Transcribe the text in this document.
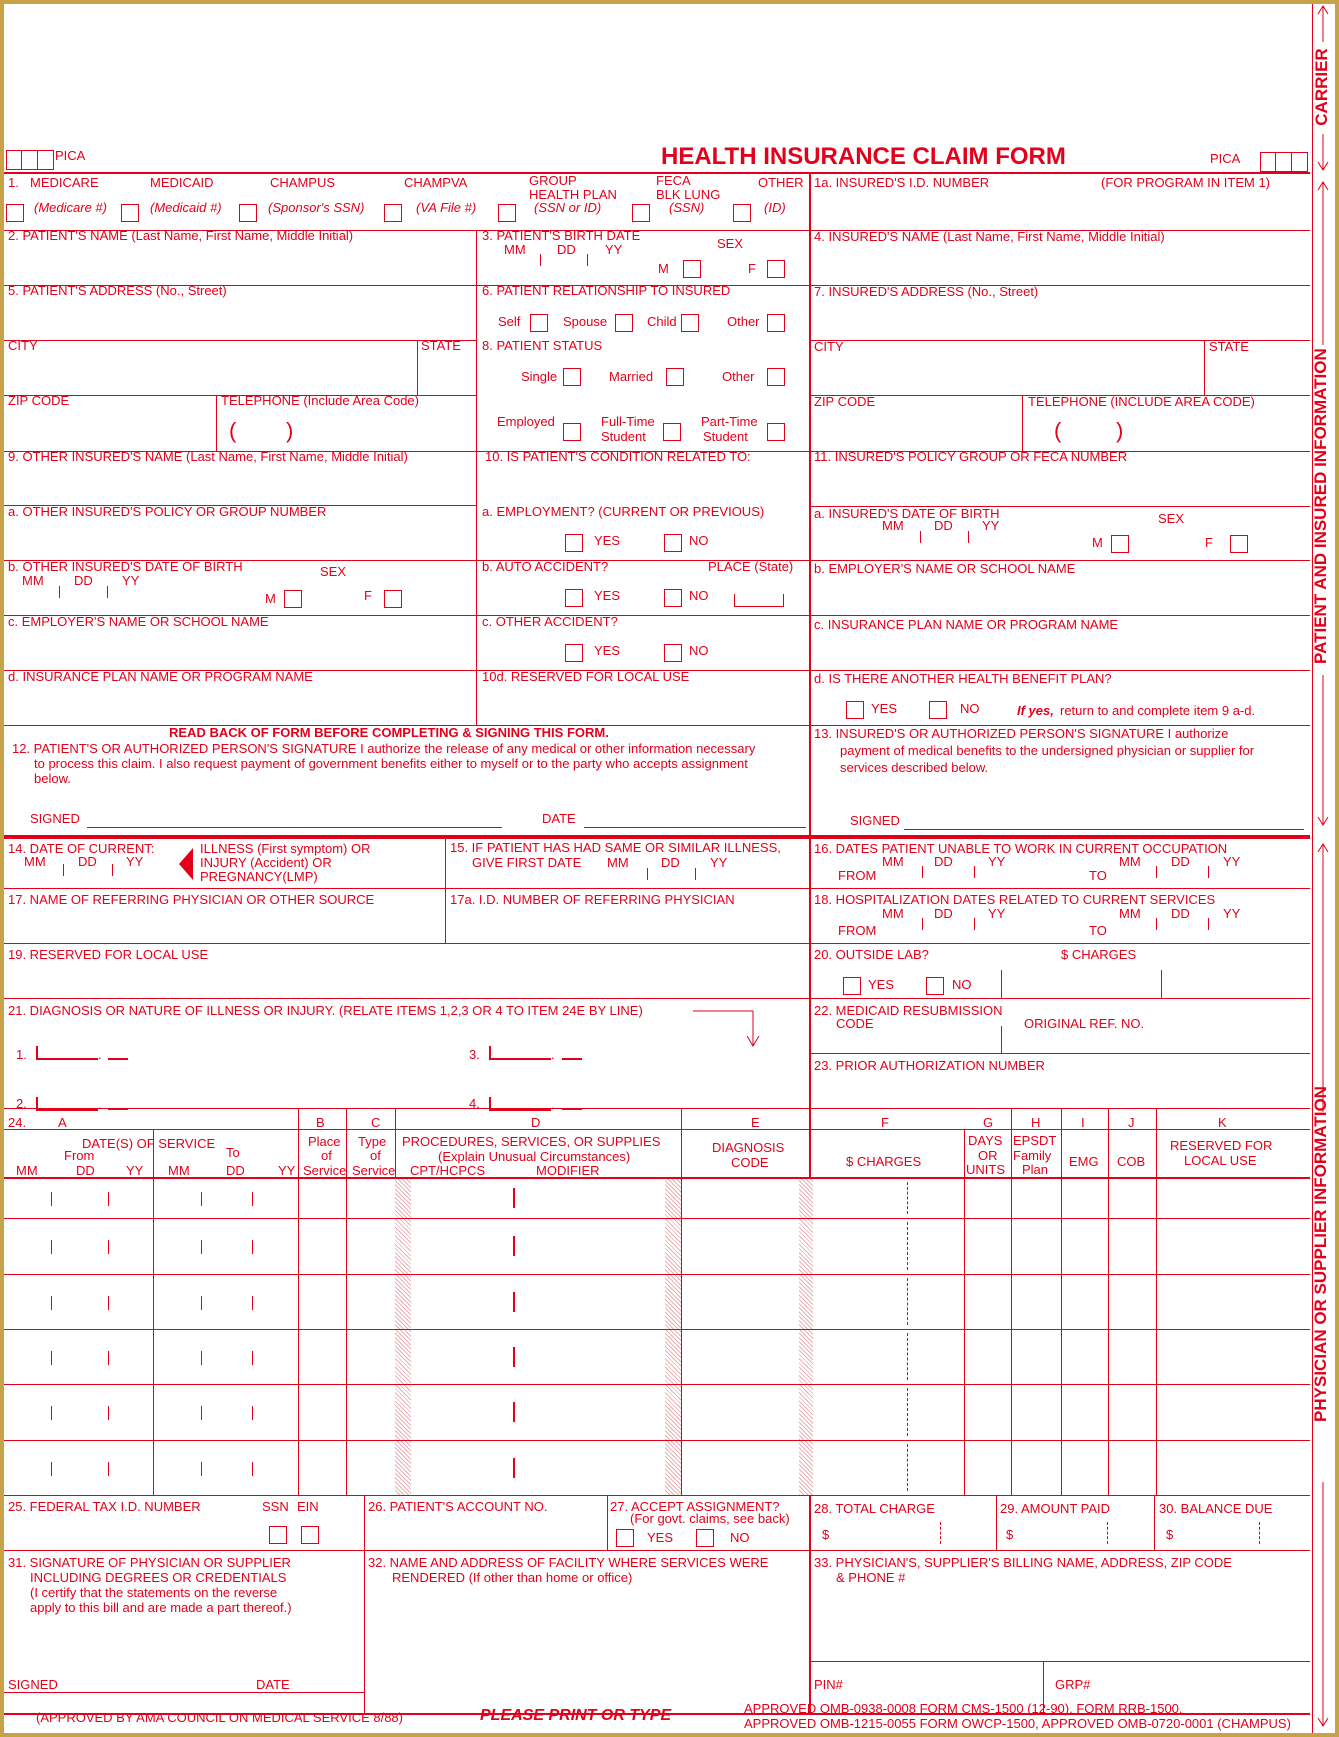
PICA	HEALTH INSURANCE CLAIM FORM	PICA
CARRIER
PATIENT AND INSURED INFORMATION
PHYSICIAN OR SUPPLIER INFORMATION
1. MEDICARE	MEDICAID	CHAMPUS	CHAMPVA	GROUP
HEALTH PLAN
FECA
BLK LUNG
OTHER
(Medicare #)	(Medicaid #)	(Sponsor's SSN)	(VA File #)	(SSN or ID)	(SSN)	(ID)
1a. INSURED'S I.D. NUMBER	(FOR PROGRAM IN ITEM 1)
2. PATIENT'S NAME (Last Name, First Name, Middle Initial)	3. PATIENT'S BIRTH DATE
MM DD YY	SEX
M	F
4. INSURED'S NAME (Last Name, First Name, Middle Initial)
5. PATIENT'S ADDRESS (No., Street)	6. PATIENT RELATIONSHIP TO INSURED
Self	Spouse	Child	Other
7. INSURED'S ADDRESS (No., Street)
CITY	STATE 8. PATIENT STATUS
Single	Married	Other
CITY	STATE
ZIP CODE	TELEPHONE (Include Area Code)
( )	Employed	Full-Time
Student
Part-Time
Student
ZIP CODE	TELEPHONE (INCLUDE AREA CODE)
( )
9. OTHER INSURED'S NAME (Last Name, First Name, Middle Initial)	10. IS PATIENT'S CONDITION RELATED TO:	11. INSURED'S POLICY GROUP OR FECA NUMBER
a. OTHER INSURED'S POLICY OR GROUP NUMBER	a. EMPLOYMENT? (CURRENT OR PREVIOUS)
YES	NO
a. INSURED'S DATE OF BIRTH
MM DD YY	SEX
M	F
b. OTHER INSURED'S DATE OF BIRTH
MM DD YY
SEX
M	F
b. AUTO ACCIDENT?	PLACE (State)
YES	NO
b. EMPLOYER'S NAME OR SCHOOL NAME
c. EMPLOYER'S NAME OR SCHOOL NAME	c. OTHER ACCIDENT?
YES	NO
c. INSURANCE PLAN NAME OR PROGRAM NAME
d. INSURANCE PLAN NAME OR PROGRAM NAME	10d. RESERVED FOR LOCAL USE	d. IS THERE ANOTHER HEALTH BENEFIT PLAN?
YES	NO	If yes, return to and complete item 9 a-d.
READ BACK OF FORM BEFORE COMPLETING & SIGNING THIS FORM.
12. PATIENT'S OR AUTHORIZED PERSON'S SIGNATURE I authorize the release of any medical or other information necessary
to process this claim. I also request payment of government benefits either to myself or to the party who accepts assignment
below.
SIGNED	DATE
13. INSURED'S OR AUTHORIZED PERSON'S SIGNATURE I authorize
payment of medical benefits to the undersigned physician or supplier for
services described below.
SIGNED
14. DATE OF CURRENT:
MM DD YY
ILLNESS (First symptom) OR
INJURY (Accident) OR
PREGNANCY(LMP)
15. IF PATIENT HAS HAD SAME OR SIMILAR ILLNESS,
GIVE FIRST DATE MM DD YY
16. DATES PATIENT UNABLE TO WORK IN CURRENT OCCUPATION
MM DD	YY
FROM
MM DD	YY
TO
17. NAME OF REFERRING PHYSICIAN OR OTHER SOURCE	17a. I.D. NUMBER OF REFERRING PHYSICIAN	18. HOSPITALIZATION DATES RELATED TO CURRENT SERVICES
MM DD	YY
FROM
MM DD	YY
TO
19. RESERVED FOR LOCAL USE	20. OUTSIDE LAB?	$ CHARGES
YES	NO
21. DIAGNOSIS OR NATURE OF ILLNESS OR INJURY. (RELATE ITEMS 1,2,3 OR 4 TO ITEM 24E BY LINE)
1.	.	3.	.
2.	.	4.	.
22. MEDICAID RESUBMISSION
CODE	ORIGINAL REF. NO.
23. PRIOR AUTHORIZATION NUMBER
24. A	B	C	D	E	F	G	H	I	J	K
DATE(S) OF SERVICE
From	To
MM	DD YY MM	DD	YY
Place
of
Service
Type
of
Service
PROCEDURES, SERVICES, OR SUPPLIES
(Explain Unusual Circumstances)
CPT/HCPCS	MODIFIER
DIAGNOSIS
CODE	$ CHARGES
DAYS
OR
UNITS
EPSDT
Family
Plan
EMG COB
RESERVED FOR
LOCAL USE
25. FEDERAL TAX I.D. NUMBER	SSN EIN	26. PATIENT'S ACCOUNT NO.	27. ACCEPT ASSIGNMENT?
(For govt. claims, see back)
YES	NO
28. TOTAL CHARGE
$
29. AMOUNT PAID
$
30. BALANCE DUE
$
31. SIGNATURE OF PHYSICIAN OR SUPPLIER
INCLUDING DEGREES OR CREDENTIALS
(I certify that the statements on the reverse
apply to this bill and are made a part thereof.)
SIGNED	DATE
32. NAME AND ADDRESS OF FACILITY WHERE SERVICES WERE
RENDERED (If other than home or office)
33. PHYSICIAN'S, SUPPLIER'S BILLING NAME, ADDRESS, ZIP CODE
& PHONE #
PIN#	GRP#
(APPROVED BY AMA COUNCIL ON MEDICAL SERVICE 8/88)	PLEASE PRINT OR TYPE	APPROVED OMB-0938-0008 FORM CMS-1500 (12-90), FORM RRB-1500,
APPROVED OMB-1215-0055 FORM OWCP-1500, APPROVED OMB-0720-0001 (CHAMPUS)
